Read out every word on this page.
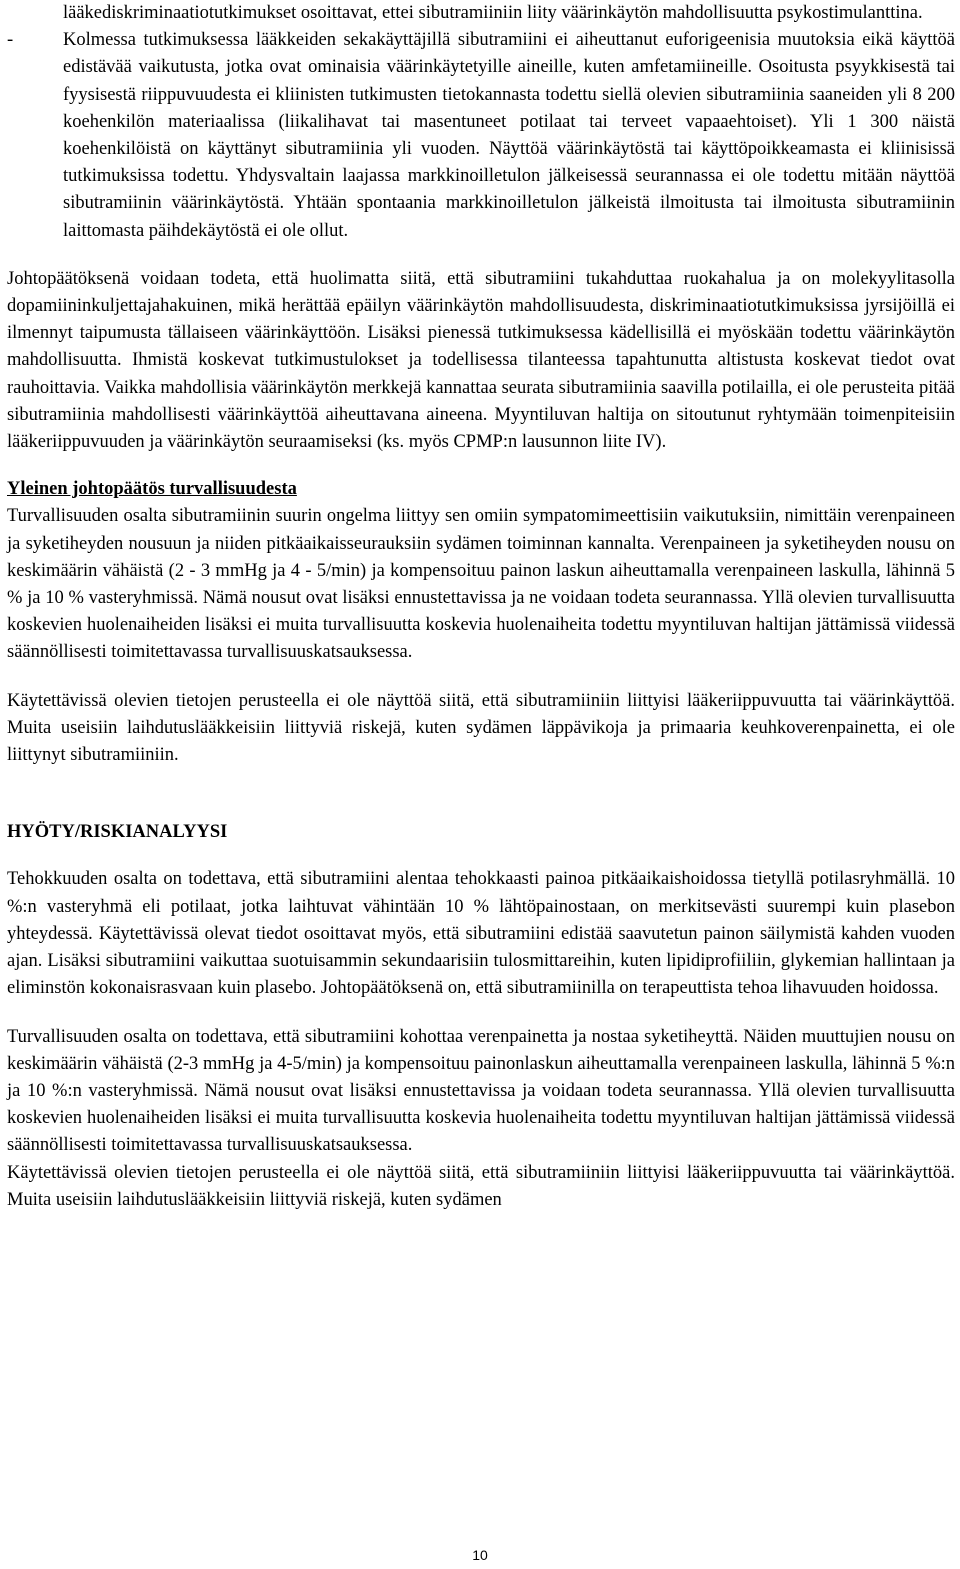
lääkediskriminaatiotutkimukset osoittavat, ettei sibutramiiniin liity väärinkäytön mahdollisuutta psykostimulanttina.

-	Kolmessa tutkimuksessa lääkkeiden sekakäyttäjillä sibutramiini ei aiheuttanut euforigeenisia muutoksia eikä käyttöä edistävää vaikutusta, jotka ovat ominaisia väärinkäytetyille aineille, kuten amfetamiineille. Osoitusta psyykkisestä tai fyysisestä riippuvuudesta ei kliinisten tutkimusten tietokannasta todettu siellä olevien sibutramiinia saaneiden yli 8 200 koehenkilön materiaalissa (liikalihavat tai masentuneet potilaat tai terveet vapaaehtoiset). Yli 1 300 näistä koehenkilöistä on käyttänyt sibutramiinia yli vuoden. Näyttöä väärinkäytöstä tai käyttöpoikkeamasta ei kliinisissä tutkimuksissa todettu. Yhdysvaltain laajassa markkinoilletulon jälkeisessä seurannassa ei ole todettu mitään näyttöä sibutramiinin väärinkäytöstä. Yhtään spontaania markkinoilletulon jälkeistä ilmoitusta tai ilmoitusta sibutramiinin laittomasta päihdekäytöstä ei ole ollut.

Johtopäätöksenä voidaan todeta, että huolimatta siitä, että sibutramiini tukahduttaa ruokahalua ja on molekyylitasolla dopamiininkuljettajahakuinen, mikä herättää epäilyn väärinkäytön mahdollisuudesta, diskriminaatiotutkimuksissa jyrsijöillä ei ilmennyt taipumusta tällaiseen väärinkäyttöön. Lisäksi pienessä tutkimuksessa kädellisillä ei myöskään todettu väärinkäytön mahdollisuutta. Ihmistä koskevat tutkimustulokset ja todellisessa tilanteessa tapahtunutta altistusta koskevat tiedot ovat rauhoittavia. Vaikka mahdollisia väärinkäytön merkkejä kannattaa seurata sibutramiinia saavilla potilailla, ei ole perusteita pitää sibutramiinia mahdollisesti väärinkäyttöä aiheuttavana aineena. Myyntiluvan haltija on sitoutunut ryhtymään toimenpiteisiin lääkeriippuvuuden ja väärinkäytön seuraamiseksi (ks. myös CPMP:n lausunnon liite IV).

Yleinen johtopäätös turvallisuudesta

Turvallisuuden osalta sibutramiinin suurin ongelma liittyy sen omiin sympatomimeettisiin vaikutuksiin, nimittäin verenpaineen ja syketiheyden nousuun ja niiden pitkäaikaisseurauksiin sydämen toiminnan kannalta. Verenpaineen ja syketiheyden nousu on keskimäärin vähäistä (2 - 3 mmHg ja 4 - 5/min) ja kompensoituu painon laskun aiheuttamalla verenpaineen laskulla, lähinnä 5 % ja 10 % vasteryhmissä. Nämä nousut ovat lisäksi ennustettavissa ja ne voidaan todeta seurannassa. Yllä olevien turvallisuutta koskevien huolenaiheiden lisäksi ei muita turvallisuutta koskevia huolenaiheita todettu myyntiluvan haltijan jättämissä viidessä säännöllisesti toimitettavassa turvallisuuskatsauksessa.

Käytettävissä olevien tietojen perusteella ei ole näyttöä siitä, että sibutramiiniin liittyisi lääkeriippuvuutta tai väärinkäyttöä. Muita useisiin laihdutuslääkkeisiin liittyviä riskejä, kuten sydämen läppävikoja ja primaaria keuhkoverenpainetta, ei ole liittynyt sibutramiiniin.

HYÖTY/RISKIANALYYSI

Tehokkuuden osalta on todettava, että sibutramiini alentaa tehokkaasti painoa pitkäaikaishoidossa tietyllä potilasryhmällä. 10 %:n vasteryhmä eli potilaat, jotka laihtuvat vähintään 10 % lähtöpainostaan, on merkitsevästi suurempi kuin plasebon yhteydessä. Käytettävissä olevat tiedot osoittavat myös, että sibutramiini edistää saavutetun painon säilymistä kahden vuoden ajan. Lisäksi sibutramiini vaikuttaa suotuisammin sekundaarisiin tulosmittareihin, kuten lipidiprofiiliin, glykemian hallintaan ja eliminstön kokonaisrasvaan kuin plasebo. Johtopäätöksenä on, että sibutramiinilla on terapeuttista tehoa lihavuuden hoidossa.

Turvallisuuden osalta on todettava, että sibutramiini kohottaa verenpainetta ja nostaa syketiheyttä. Näiden muuttujien nousu on keskimäärin vähäistä (2-3 mmHg ja 4-5/min) ja kompensoituu painonlaskun aiheuttamalla verenpaineen laskulla, lähinnä 5 %:n ja 10 %:n vasteryhmissä. Nämä nousut ovat lisäksi ennustettavissa ja voidaan todeta seurannassa. Yllä olevien turvallisuutta koskevien huolenaiheiden lisäksi ei muita turvallisuutta koskevia huolenaiheita todettu myyntiluvan haltijan jättämissä viidessä säännöllisesti toimitettavassa turvallisuuskatsauksessa.

Käytettävissä olevien tietojen perusteella ei ole näyttöä siitä, että sibutramiiniin liittyisi lääkeriippuvuutta tai väärinkäyttöä. Muita useisiin laihdutuslääkkeisiin liittyviä riskejä, kuten sydämen

10
